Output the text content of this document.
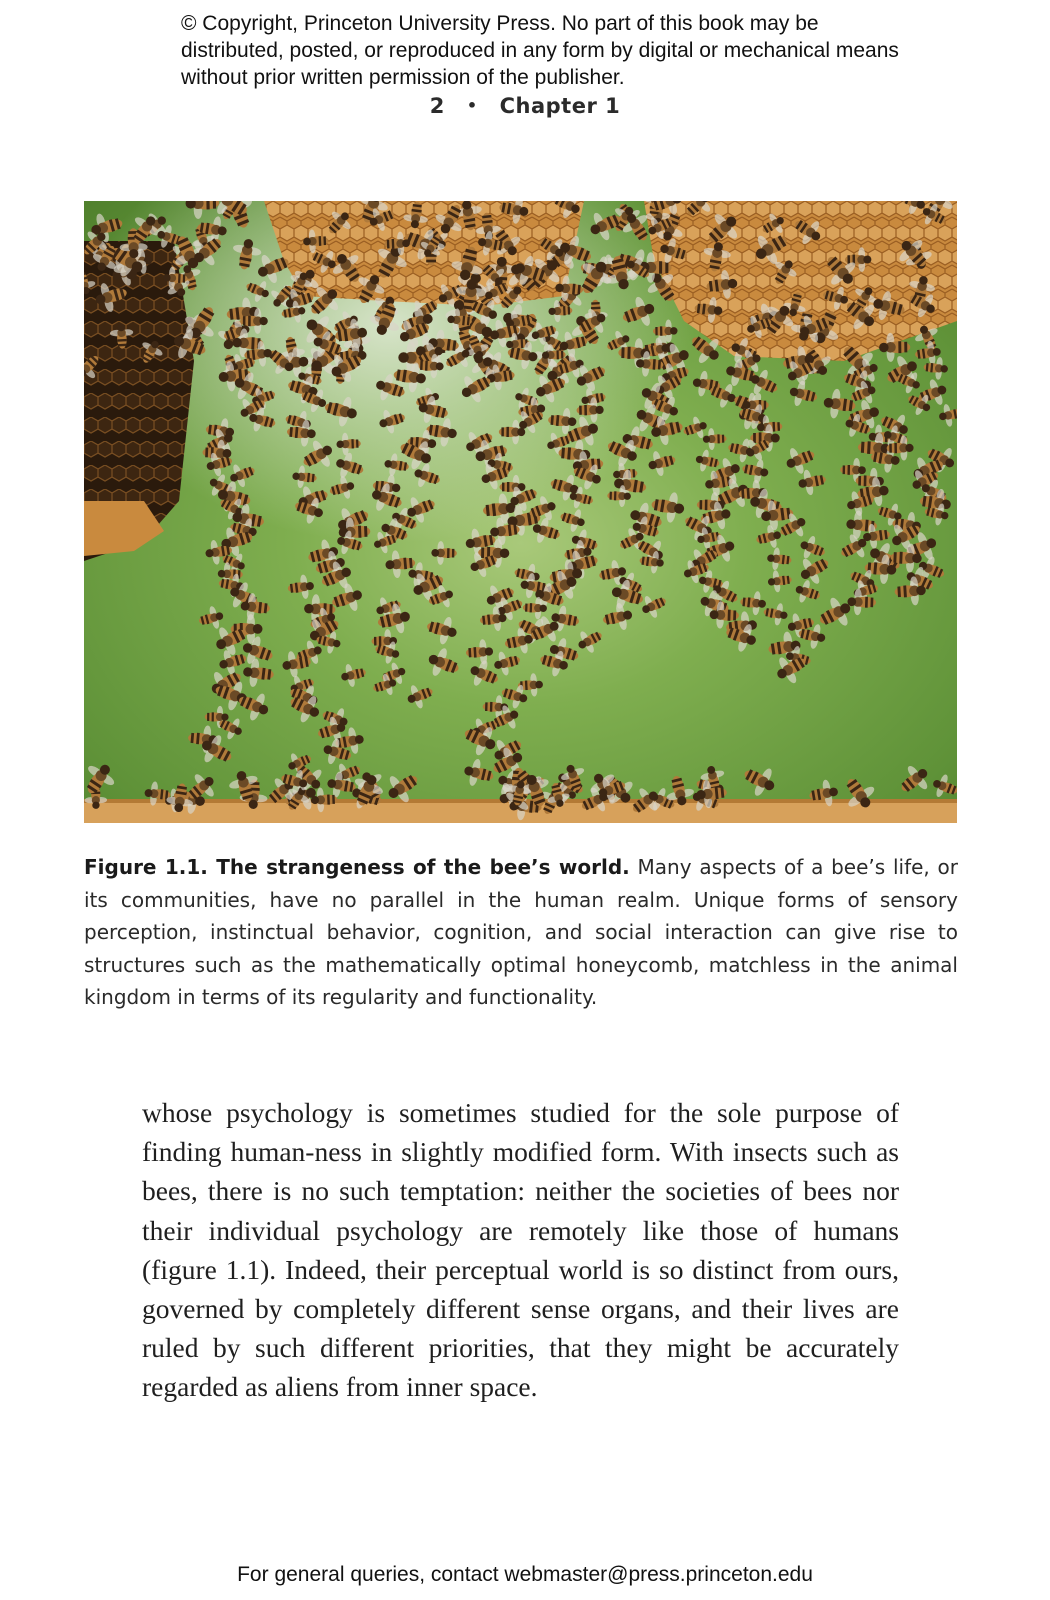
© Copyright, Princeton University Press. No part of this book may be distributed, posted, or reproduced in any form by digital or mechanical means without prior written permission of the publisher.
2 • Chapter 1
Figure 1.1. The strangeness of the bee’s world. Many aspects of a bee’s life, or its communities, have no parallel in the human realm. Unique forms of sensory perception, instinctual behavior, cognition, and social interaction can give rise to structures such as the mathematically optimal honeycomb, matchless in the animal kingdom in terms of its regularity and functionality.

whose psychology is sometimes studied for the sole purpose of finding human-ness in slightly modified form. With insects such as bees, there is no such temptation: neither the societies of bees nor their individual psychology are remotely like those of humans (figure 1.1). Indeed, their perceptual world is so distinct from ours, governed by completely different sense organs, and their lives are ruled by such different priorities, that they might be accurately regarded as aliens from inner space.

For general queries, contact webmaster@press.princeton.edu
